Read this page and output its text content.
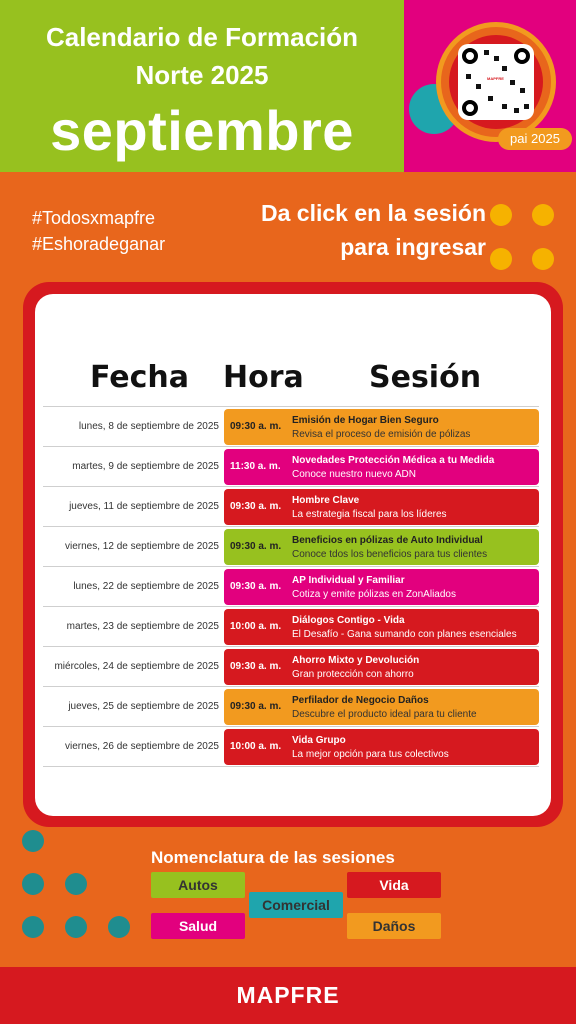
Calendario de Formación
Norte 2025
septiembre
MAPFRE
pai 2025
#Todosxmapfre
#Eshoradeganar
Da click en la sesión
para ingresar
Fecha Hora Sesión
lunes, 8 de septiembre de 2025 09:30 a. m.
Emisión de Hogar Bien Seguro
Revisa el proceso de emisión de pólizas
martes, 9 de septiembre de 2025 11:30 a. m.
Novedades Protección Médica a tu Medida
Conoce nuestro nuevo ADN
jueves, 11 de septiembre de 2025 09:30 a. m.
Hombre Clave
La estrategia fiscal para los líderes
viernes, 12 de septiembre de 2025 09:30 a. m.
Beneficios en pólizas de Auto Individual
Conoce tdos los beneficios para tus clientes
lunes, 22 de septiembre de 2025 09:30 a. m.
AP Individual y Familiar
Cotiza y emite pólizas en ZonAliados
martes, 23 de septiembre de 2025 10:00 a. m.
Diálogos Contigo - Vida
El Desafío - Gana sumando con planes esenciales
miércoles, 24 de septiembre de 2025 09:30 a. m.
Ahorro Mixto y Devolución
Gran protección con ahorro
jueves, 25 de septiembre de 2025 09:30 a. m.
Perfilador de Negocio Daños
Descubre el producto ideal para tu cliente
viernes, 26 de septiembre de 2025 10:00 a. m.
Vida Grupo
La mejor opción para tus colectivos
Nomenclatura de las sesiones
Autos
Salud
Comercial
Vida
Daños
MAPFRE
